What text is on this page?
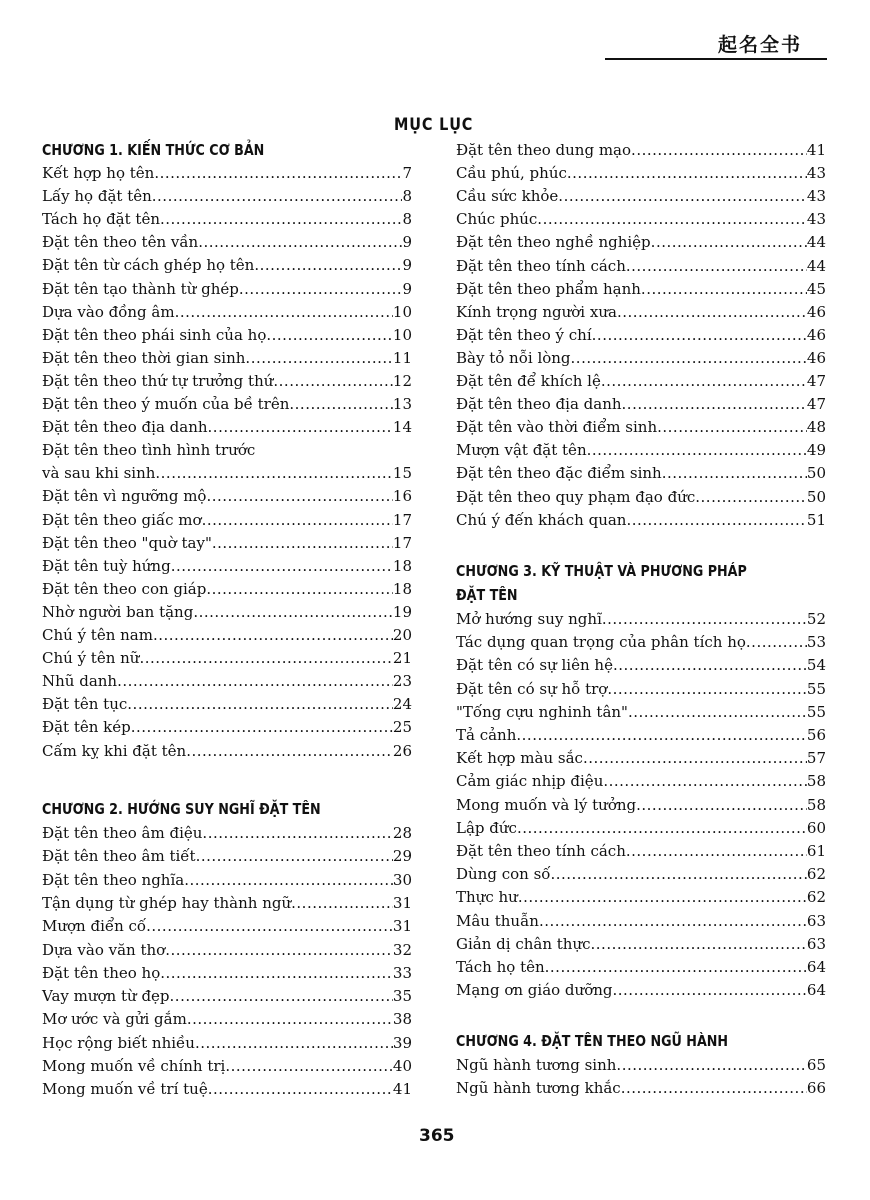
起名全书
MỤC LỤC
CHƯƠNG 1. KIẾN THỨC CƠ BẢN
Kết hợp họ tên .....	7
Lấy họ đặt tên .....	8
Tách họ đặt tên .....	8
Đặt tên theo tên vần .....	9
Đặt tên từ cách ghép họ tên .....	9
Đặt tên tạo thành từ ghép .....	9
Dựa vào đồng âm .....	10
Đặt tên theo phái sinh của họ .....	10
Đặt tên theo thời gian sinh .....	11
Đặt tên theo thứ tự trưởng thứ .....	12
Đặt tên theo ý muốn của bề trên .....	13
Đặt tên theo địa danh .....	14
Đặt tên theo tình hình trước
và sau khi sinh .....	15
Đặt tên vì ngưỡng mộ .....	16
Đặt tên theo giấc mơ .....	17
Đặt tên theo "quờ tay" .....	17
Đặt tên tuỳ hứng .....	18
Đặt tên theo con giáp .....	18
Nhờ người ban tặng .....	19
Chú ý tên nam .....	20
Chú ý tên nữ .....	21
Nhũ danh .....	23
Đặt tên tục .....	24
Đặt tên kép .....	25
Cấm kỵ khi đặt tên .....	26
CHƯƠNG 2. HƯỚNG SUY NGHĨ ĐẶT TÊN
Đặt tên theo âm điệu .....	28
Đặt tên theo âm tiết .....	29
Đặt tên theo nghĩa .....	30
Tận dụng từ ghép hay thành ngữ .....	31
Mượn điển cố .....	31
Dựa vào văn thơ .....	32
Đặt tên theo họ .....	33
Vay mượn từ đẹp .....	35
Mơ ước và gửi gắm .....	38
Học rộng biết nhiều .....	39
Mong muốn về chính trị .....	40
Mong muốn về trí tuệ .....	41
Đặt tên theo dung mạo .....	41
Cầu phú, phúc .....	43
Cầu sức khỏe .....	43
Chúc phúc .....	43
Đặt tên theo nghề nghiệp .....	44
Đặt tên theo tính cách .....	44
Đặt tên theo phẩm hạnh .....	45
Kính trọng người xưa .....	46
Đặt tên theo ý chí .....	46
Bày tỏ nỗi lòng .....	46
Đặt tên để khích lệ .....	47
Đặt tên theo địa danh .....	47
Đặt tên vào thời điểm sinh .....	48
Mượn vật đặt tên .....	49
Đặt tên theo đặc điểm sinh .....	50
Đặt tên theo quy phạm đạo đức .....	50
Chú ý đến khách quan .....	51
CHƯƠNG 3. KỸ THUẬT VÀ PHƯƠNG PHÁP
ĐẶT TÊN
Mở hướng suy nghĩ .....	52
Tác dụng quan trọng của phân tích họ .....	53
Đặt tên có sự liên hệ .....	54
Đặt tên có sự hỗ trợ .....	55
"Tống cựu nghinh tân" .....	55
Tả cảnh .....	56
Kết hợp màu sắc .....	57
Cảm giác nhịp điệu .....	58
Mong muốn và lý tưởng .....	58
Lập đức .....	60
Đặt tên theo tính cách .....	61
Dùng con số .....	62
Thực hư .....	62
Mâu thuẫn .....	63
Giản dị chân thực .....	63
Tách họ tên .....	64
Mạng ơn giáo dưỡng .....	64
CHƯƠNG 4. ĐẶT TÊN THEO NGŨ HÀNH
Ngũ hành tương sinh .....	65
Ngũ hành tương khắc .....	66
365
